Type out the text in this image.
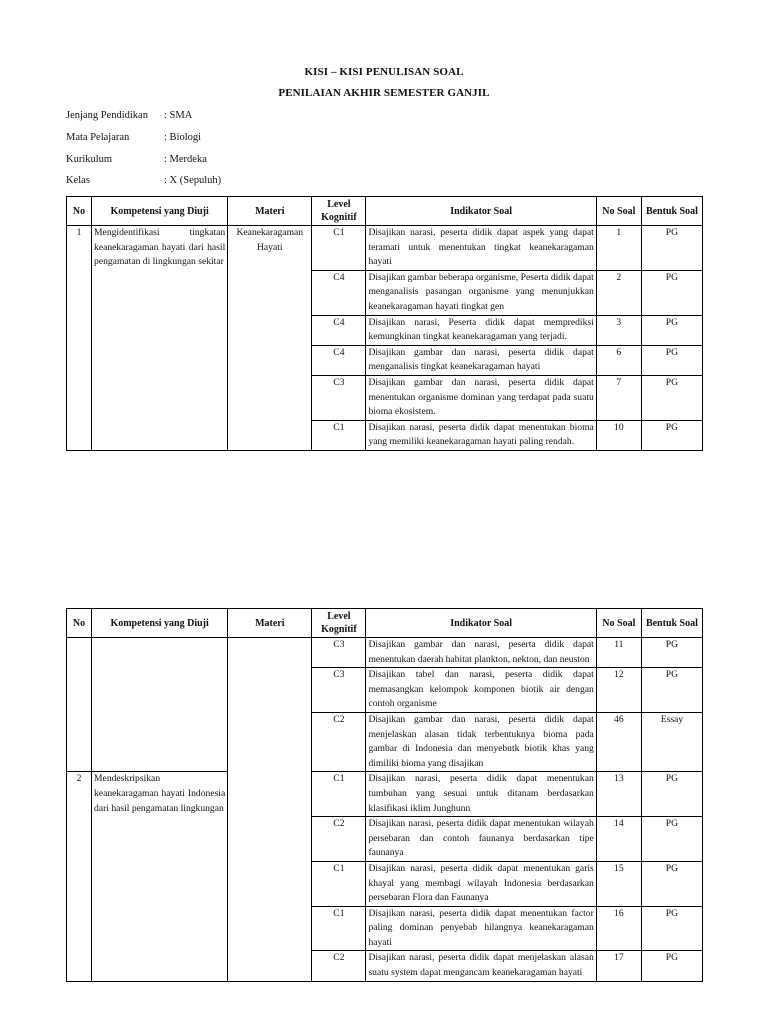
KISI – KISI PENULISAN SOAL
PENILAIAN AKHIR SEMESTER GANJIL
Jenjang Pendidikan : SMA
Mata Pelajaran	: Biologi
Kurikulum	: Merdeka
Kelas	: X (Sepuluh)
No	Kompetensi yang Diuji	Materi	Level Kognitif	Indikator Soal	No Soal	Bentuk Soal
1	Mengidentifikasi tingkatan keanekaragaman hayati dari hasil pengamatan di lingkungan sekitar	Keanekaragaman Hayati	C1	Disajikan narasi, peserta didik dapat aspek yang dapat teramati untuk menentukan tingkat keanekaragaman hayati	1	PG
			C4	Disajikan gambar beberapa organisme, Peserta didik dapat menganalisis pasangan organisme yang menunjukkan keanekaragaman hayati tingkat gen	2	PG
			C4	Disajikan narasi, Peserta didik dapat memprediksi kemungkinan tingkat keanekaragaman yang terjadi.	3	PG
			C4	Disajikan gambar dan narasi, peserta didik dapat menganalisis tingkat keanekaragaman hayati	6	PG
			C3	Disajikan gambar dan narasi, peserta didik dapat menentukan organisme dominan yang terdapat pada suatu bioma ekosistem.	7	PG
			C1	Disajikan narasi, peserta didik dapat menentukan bioma yang memiliki keanekaragaman hayati paling rendah.	10	PG
No	Kompetensi yang Diuji	Materi	Level Kognitif	Indikator Soal	No Soal	Bentuk Soal
			C3	Disajikan gambar dan narasi, peserta didik dapat menentukan daerah habitat plankton, nekton, dan neuston	11	PG
			C3	Disajikan tabel dan narasi, peserta didik dapat memasangkan kelompok komponen biotik air dengan contoh organisme	12	PG
			C2	Disajikan gambar dan narasi, peserta didik dapat menjelaskan alasan tidak terbentuknya bioma pada gambar di Indonesia dan menyebutk biotik khas yang dimiliki bioma yang disajikan	46	Essay
2	Mendeskripsikan keanekaragaman hayati Indonesia dari hasil pengamatan lingkungan		C1	Disajikan narasi, peserta didik dapat menentukan tumbuhan yang sesuai untuk ditanam berdasarkan klasifikasi iklim Junghunn	13	PG
			C2	Disajikan narasi, peserta didik dapat menentukan wilayah persebaran dan contoh faunanya berdasarkan tipe faunanya	14	PG
			C1	Disajikan narasi, peserta didik dapat menentukan garis khayal yang membagi wilayah Indonesia berdasarkan persebaran Flora dan Faunanya	15	PG
			C1	Disajikan narasi, peserta didik dapat menentukan factor paling dominan penyebab hilangnya keanekaragaman hayati	16	PG
			C2	Disajikan narasi, peserta didik dapat menjelaskan alasan suatu system dapat mengancam keanekaragaman hayati	17	PG
